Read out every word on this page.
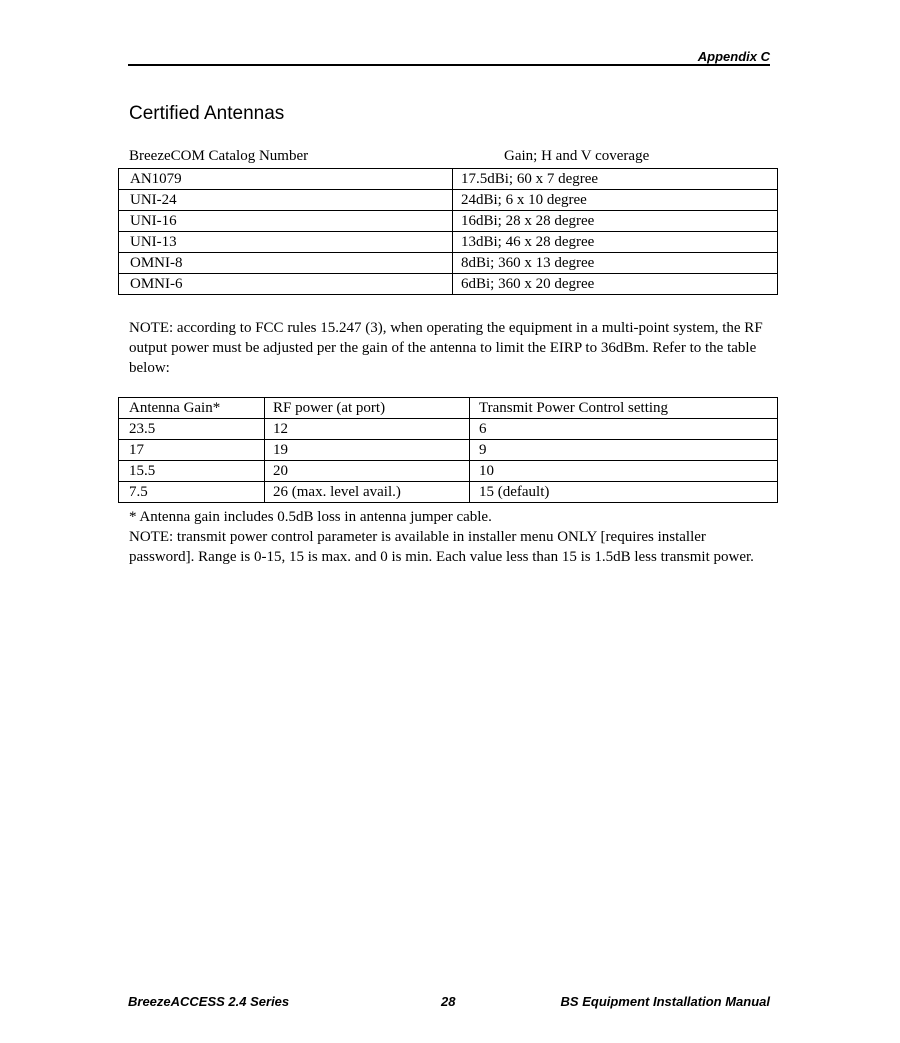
Appendix C
Certified Antennas
BreezeCOM Catalog Number	Gain; H and V coverage
AN1079	17.5dBi; 60 x 7 degree
UNI-24	24dBi; 6 x 10 degree
UNI-16	16dBi; 28 x 28 degree
UNI-13	13dBi; 46 x 28 degree
OMNI-8	8dBi; 360 x 13 degree
OMNI-6	6dBi; 360 x 20 degree
NOTE: according to FCC rules 15.247 (3), when operating the equipment in a multi-point system, the RF output power must be adjusted per the gain of the antenna to limit the EIRP to 36dBm. Refer to the table below:
Antenna Gain*	RF power (at port)	Transmit Power Control setting
23.5	12	6
17	19	9
15.5	20	10
7.5	26 (max. level avail.)	15 (default)
* Antenna gain includes 0.5dB loss in antenna jumper cable.
NOTE: transmit power control parameter is available in installer menu ONLY [requires installer password]. Range is 0-15, 15 is max. and 0 is min. Each value less than 15 is 1.5dB less transmit power.
BreezeACCESS 2.4 Series	28	BS Equipment Installation Manual
